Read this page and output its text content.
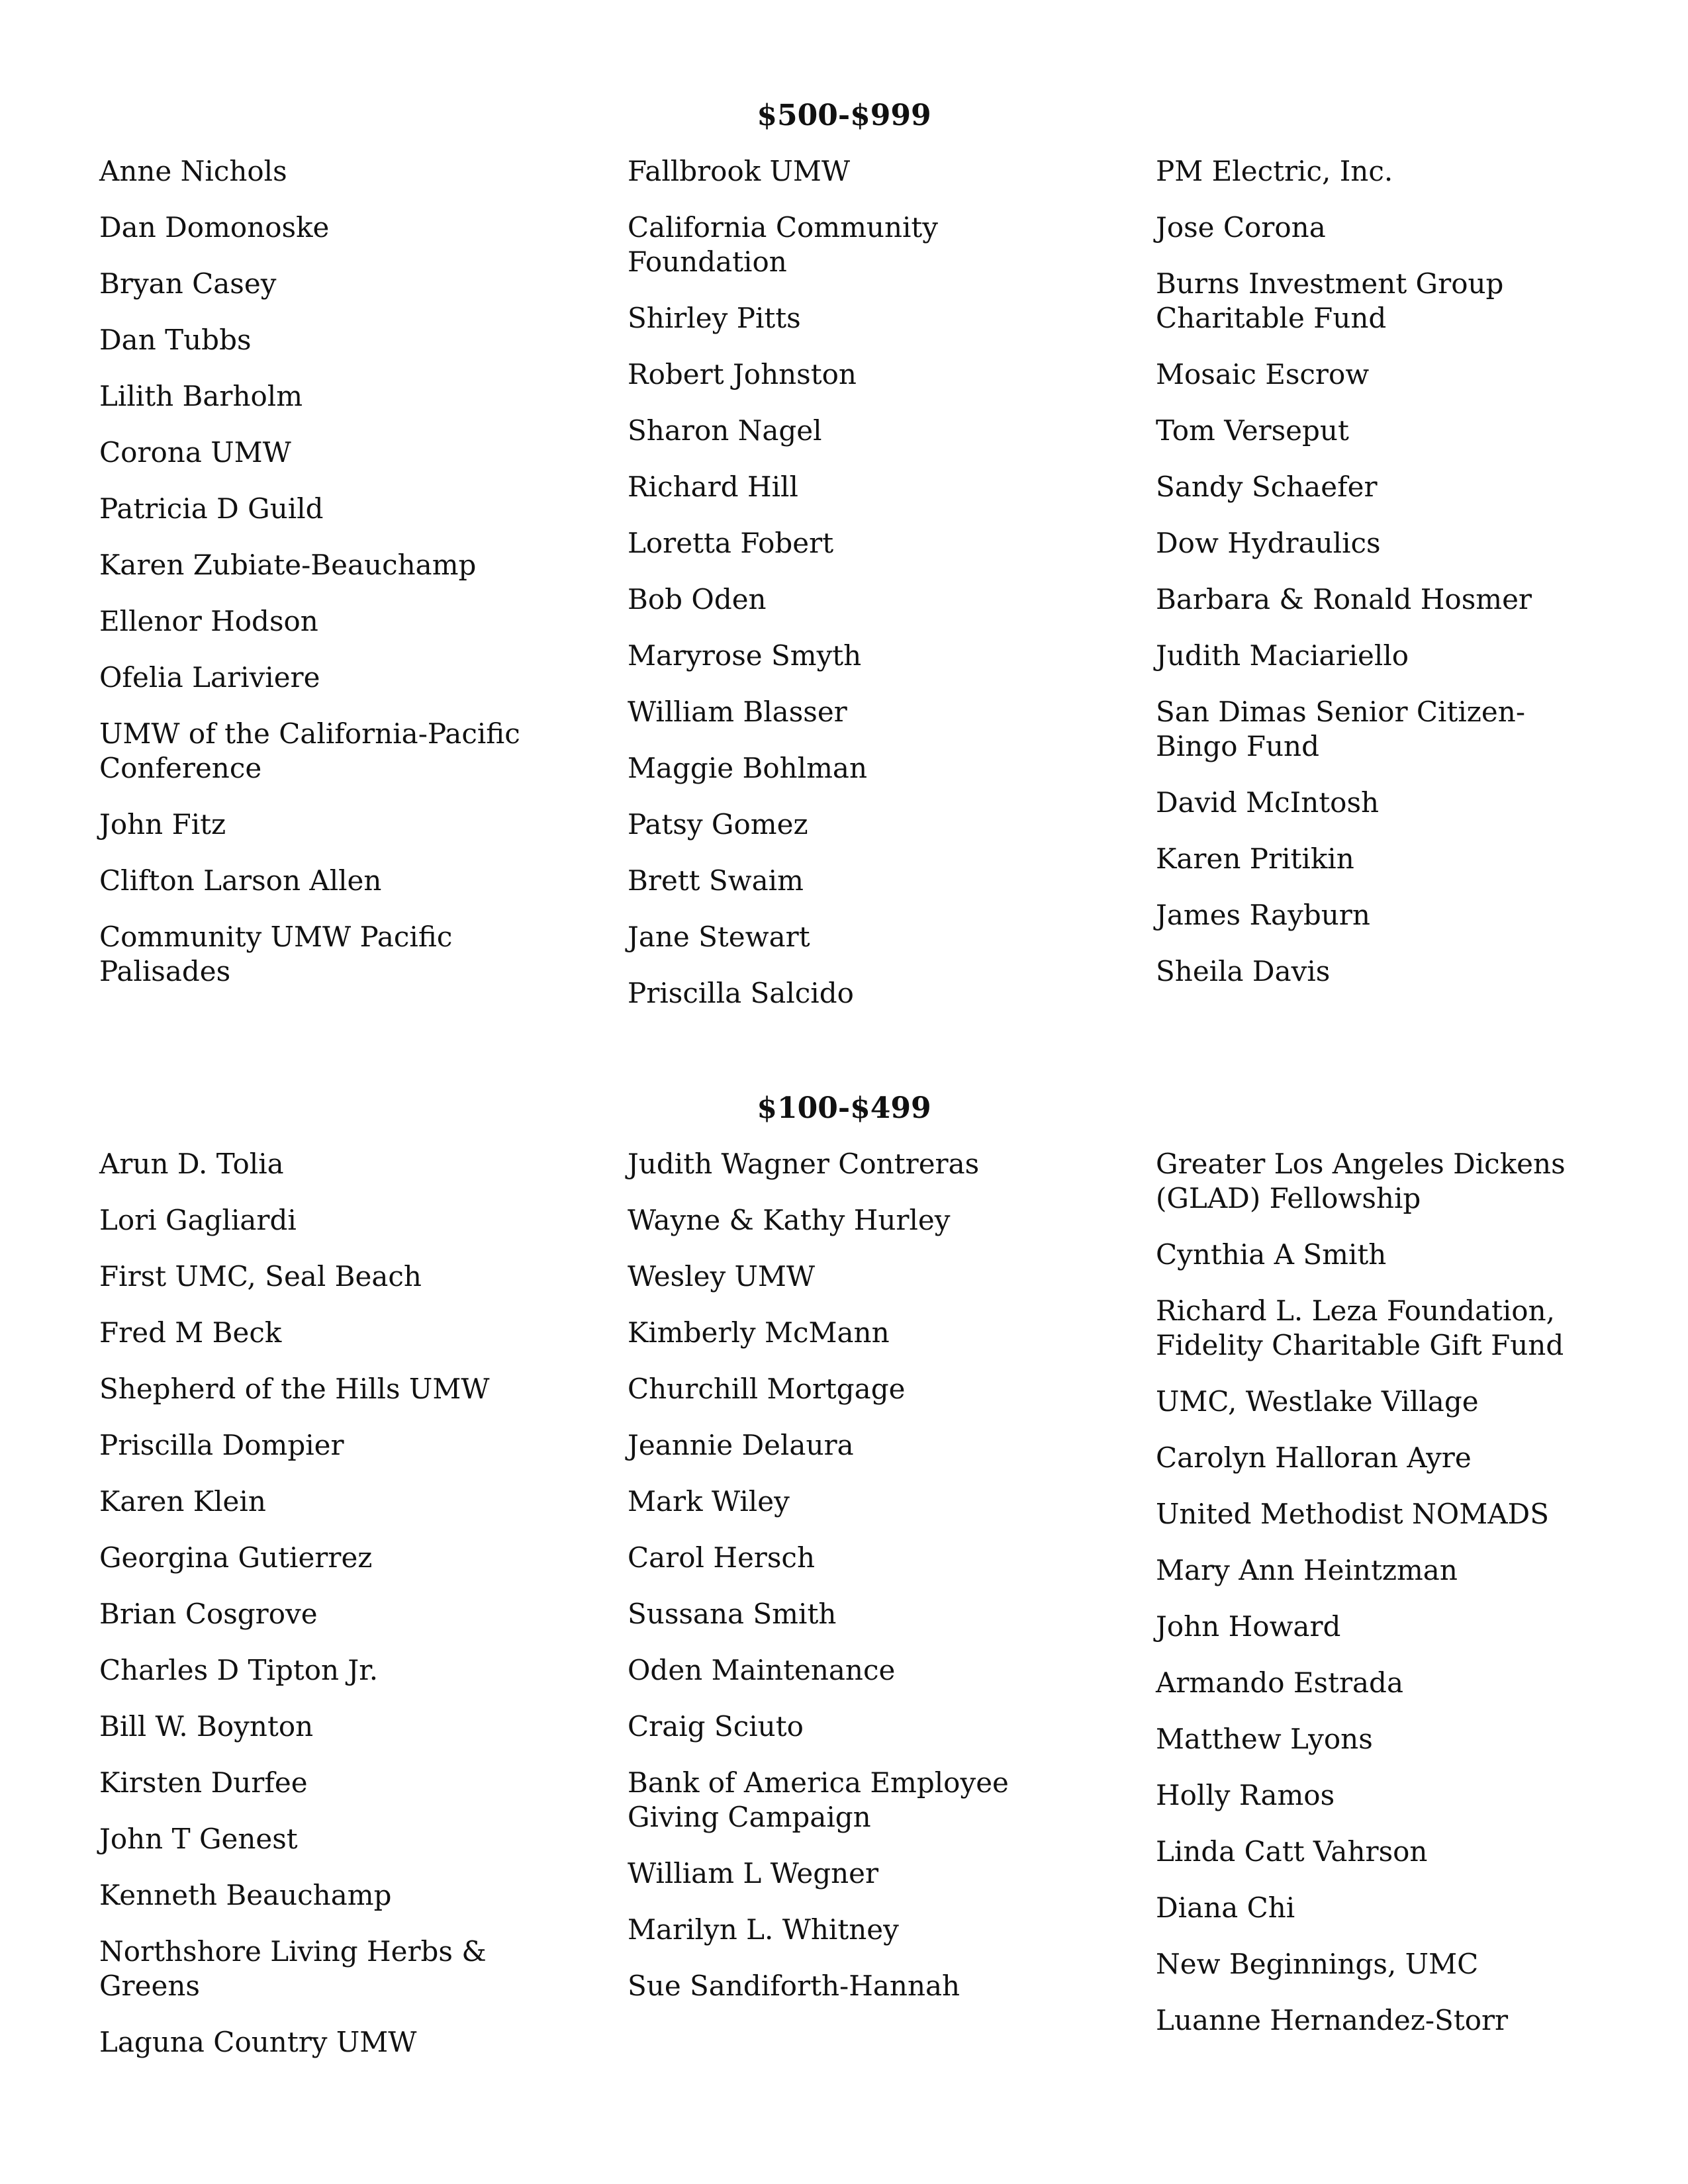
$500-$999
Anne Nichols
Dan Domonoske
Bryan Casey
Dan Tubbs
Lilith Barholm
Corona UMW
Patricia D Guild
Karen Zubiate-Beauchamp
Ellenor Hodson
Ofelia Lariviere
UMW of the California-Pacific Conference
John Fitz
Clifton Larson Allen
Community UMW Pacific Palisades
Fallbrook UMW
California Community Foundation
Shirley Pitts
Robert Johnston
Sharon Nagel
Richard Hill
Loretta Fobert
Bob Oden
Maryrose Smyth
William Blasser
Maggie Bohlman
Patsy Gomez
Brett Swaim
Jane Stewart
Priscilla Salcido
PM Electric, Inc.
Jose Corona
Burns Investment Group Charitable Fund
Mosaic Escrow
Tom Verseput
Sandy Schaefer
Dow Hydraulics
Barbara & Ronald Hosmer
Judith Maciariello
San Dimas Senior Citizen-Bingo Fund
David McIntosh
Karen Pritikin
James Rayburn
Sheila Davis
$100-$499
Arun D. Tolia
Lori Gagliardi
First UMC, Seal Beach
Fred M Beck
Shepherd of the Hills UMW
Priscilla Dompier
Karen Klein
Georgina Gutierrez
Brian Cosgrove
Charles D Tipton Jr.
Bill W. Boynton
Kirsten Durfee
John T Genest
Kenneth Beauchamp
Northshore Living Herbs & Greens
Laguna Country UMW
Judith Wagner Contreras
Wayne & Kathy Hurley
Wesley UMW
Kimberly McMann
Churchill Mortgage
Jeannie Delaura
Mark Wiley
Carol Hersch
Sussana Smith
Oden Maintenance
Craig Sciuto
Bank of America Employee Giving Campaign
William L Wegner
Marilyn L. Whitney
Sue Sandiforth-Hannah
Greater Los Angeles Dickens (GLAD) Fellowship
Cynthia A Smith
Richard L. Leza Foundation, Fidelity Charitable Gift Fund
UMC, Westlake Village
Carolyn Halloran Ayre
United Methodist NOMADS
Mary Ann Heintzman
John Howard
Armando Estrada
Matthew Lyons
Holly Ramos
Linda Catt Vahrson
Diana Chi
New Beginnings, UMC
Luanne Hernandez-Storr
